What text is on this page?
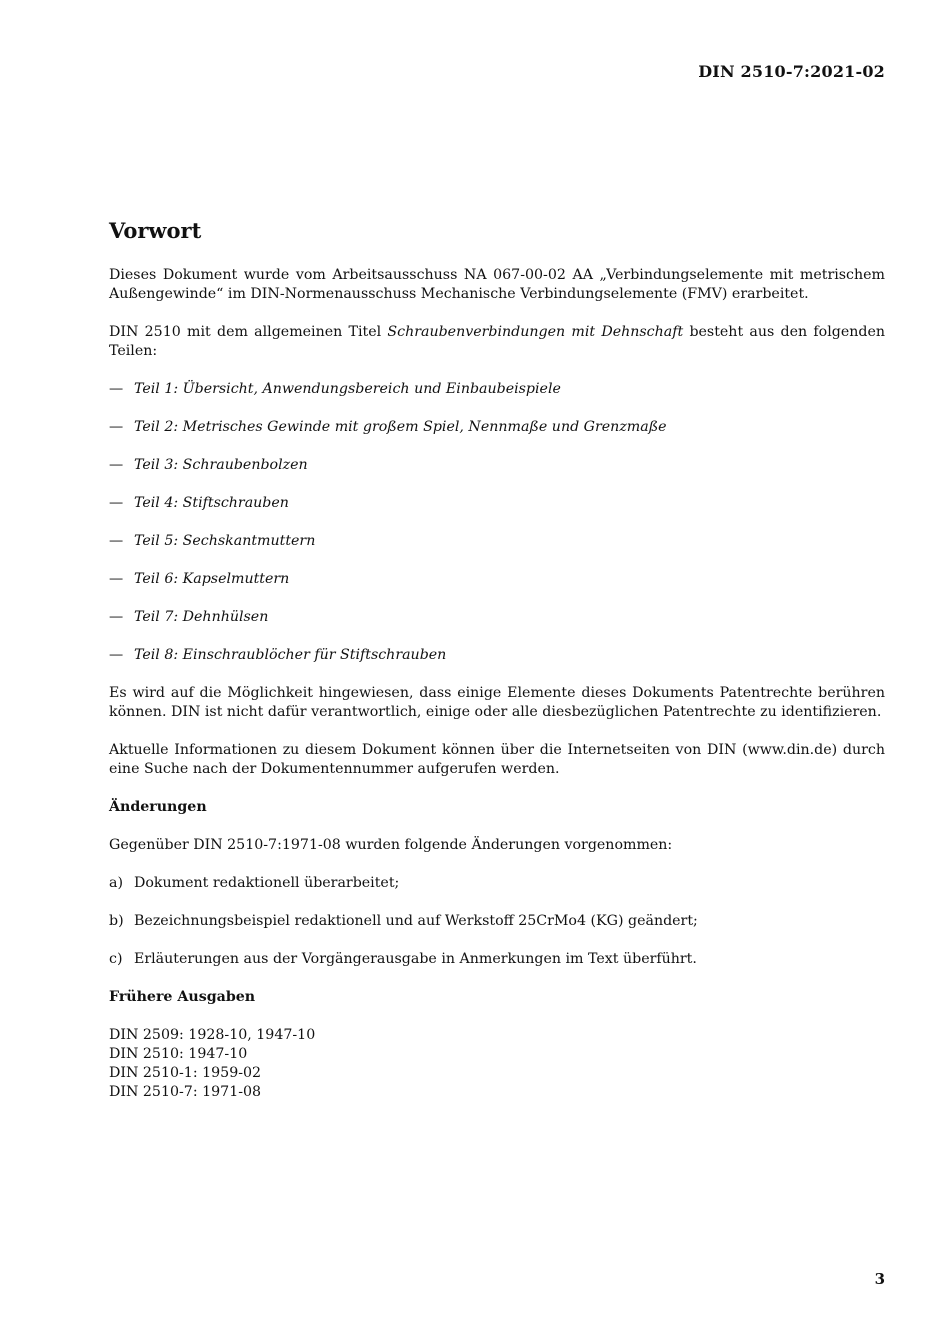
DIN 2510-7:2021-02
Vorwort

Dieses Dokument wurde vom Arbeitsausschuss NA 067-00-02 AA „Verbindungselemente mit metrischem Außengewinde“ im DIN-Normenausschuss Mechanische Verbindungselemente (FMV) erarbeitet.

DIN 2510 mit dem allgemeinen Titel Schraubenverbindungen mit Dehnschaft besteht aus den folgenden Teilen:

— Teil 1: Übersicht, Anwendungsbereich und Einbaubeispiele
— Teil 2: Metrisches Gewinde mit großem Spiel, Nennmaße und Grenzmaße
— Teil 3: Schraubenbolzen
— Teil 4: Stiftschrauben
— Teil 5: Sechskantmuttern
— Teil 6: Kapselmuttern
— Teil 7: Dehnhülsen
— Teil 8: Einschraublöcher für Stiftschrauben

Es wird auf die Möglichkeit hingewiesen, dass einige Elemente dieses Dokuments Patentrechte berühren können. DIN ist nicht dafür verantwortlich, einige oder alle diesbezüglichen Patentrechte zu identifizieren.

Aktuelle Informationen zu diesem Dokument können über die Internetseiten von DIN (www.din.de) durch eine Suche nach der Dokumentennummer aufgerufen werden.

Änderungen

Gegenüber DIN 2510-7:1971-08 wurden folgende Änderungen vorgenommen:

a) Dokument redaktionell überarbeitet;
b) Bezeichnungsbeispiel redaktionell und auf Werkstoff 25CrMo4 (KG) geändert;
c) Erläuterungen aus der Vorgängerausgabe in Anmerkungen im Text überführt.
Frühere Ausgaben
DIN 2509: 1928-10, 1947-10
DIN 2510: 1947-10
DIN 2510-1: 1959-02
DIN 2510-7: 1971-08
3
